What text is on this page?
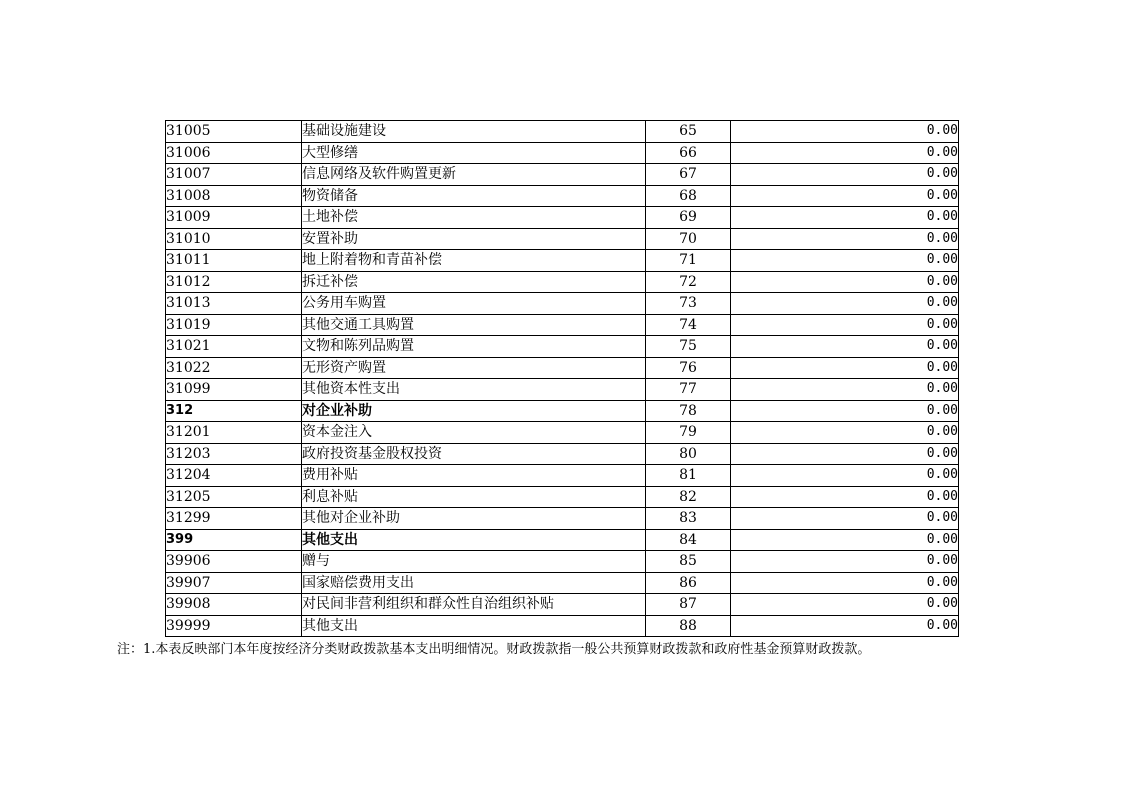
31005	基础设施建设	65	0.00
31006	大型修缮	66	0.00
31007	信息网络及软件购置更新	67	0.00
31008	物资储备	68	0.00
31009	土地补偿	69	0.00
31010	安置补助	70	0.00
31011	地上附着物和青苗补偿	71	0.00
31012	拆迁补偿	72	0.00
31013	公务用车购置	73	0.00
31019	其他交通工具购置	74	0.00
31021	文物和陈列品购置	75	0.00
31022	无形资产购置	76	0.00
31099	其他资本性支出	77	0.00
312	对企业补助	78	0.00
31201	资本金注入	79	0.00
31203	政府投资基金股权投资	80	0.00
31204	费用补贴	81	0.00
31205	利息补贴	82	0.00
31299	其他对企业补助	83	0.00
399	其他支出	84	0.00
39906	赠与	85	0.00
39907	国家赔偿费用支出	86	0.00
39908	对民间非营利组织和群众性自治组织补贴	87	0.00
39999	其他支出	88	0.00
注：1.本表反映部门本年度按经济分类财政拨款基本支出明细情况。财政拨款指一般公共预算财政拨款和政府性基金预算财政拨款。
